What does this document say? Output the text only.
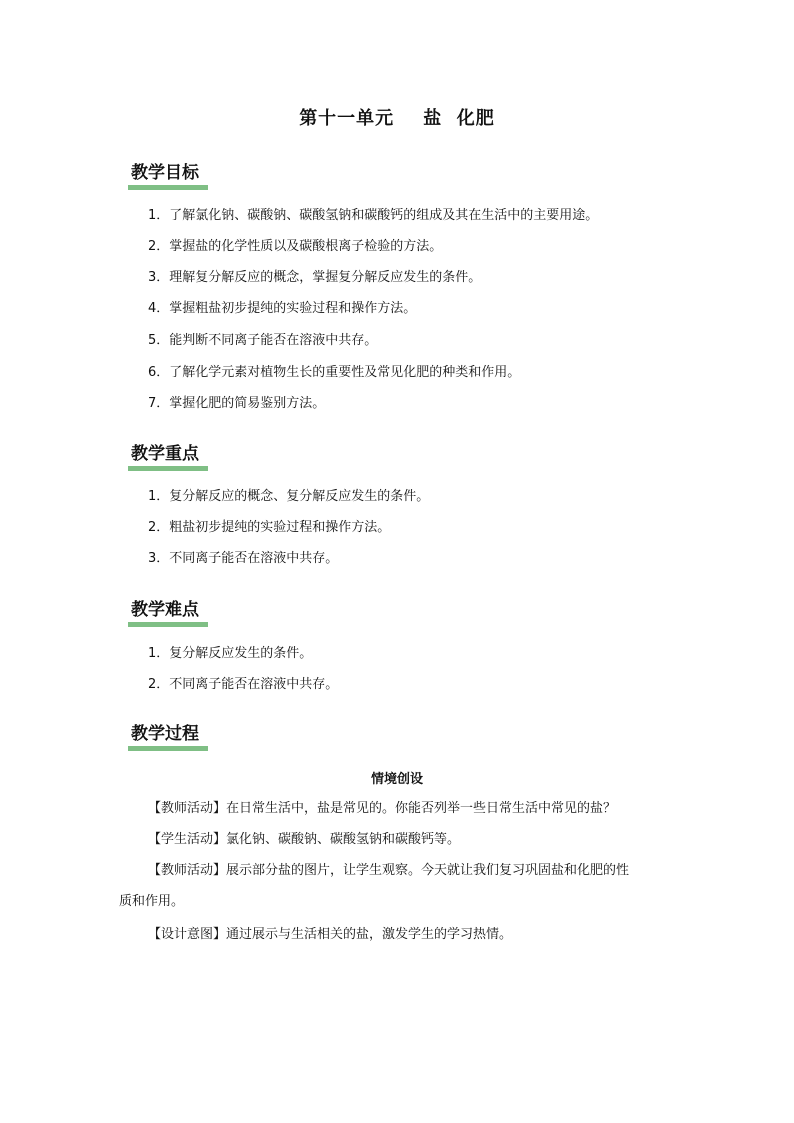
第十一单元    盐  化肥
教学目标
1．了解氯化钠、碳酸钠、碳酸氢钠和碳酸钙的组成及其在生活中的主要用途。
2．掌握盐的化学性质以及碳酸根离子检验的方法。
3．理解复分解反应的概念，掌握复分解反应发生的条件。
4．掌握粗盐初步提纯的实验过程和操作方法。
5．能判断不同离子能否在溶液中共存。
6．了解化学元素对植物生长的重要性及常见化肥的种类和作用。
7．掌握化肥的简易鉴别方法。
教学重点
1．复分解反应的概念、复分解反应发生的条件。
2．粗盐初步提纯的实验过程和操作方法。
3．不同离子能否在溶液中共存。
教学难点
1．复分解反应发生的条件。
2．不同离子能否在溶液中共存。
教学过程
情境创设
【教师活动】在日常生活中，盐是常见的。你能否列举一些日常生活中常见的盐？
【学生活动】氯化钠、碳酸钠、碳酸氢钠和碳酸钙等。
【教师活动】展示部分盐的图片，让学生观察。今天就让我们复习巩固盐和化肥的性
质和作用。
【设计意图】通过展示与生活相关的盐，激发学生的学习热情。
